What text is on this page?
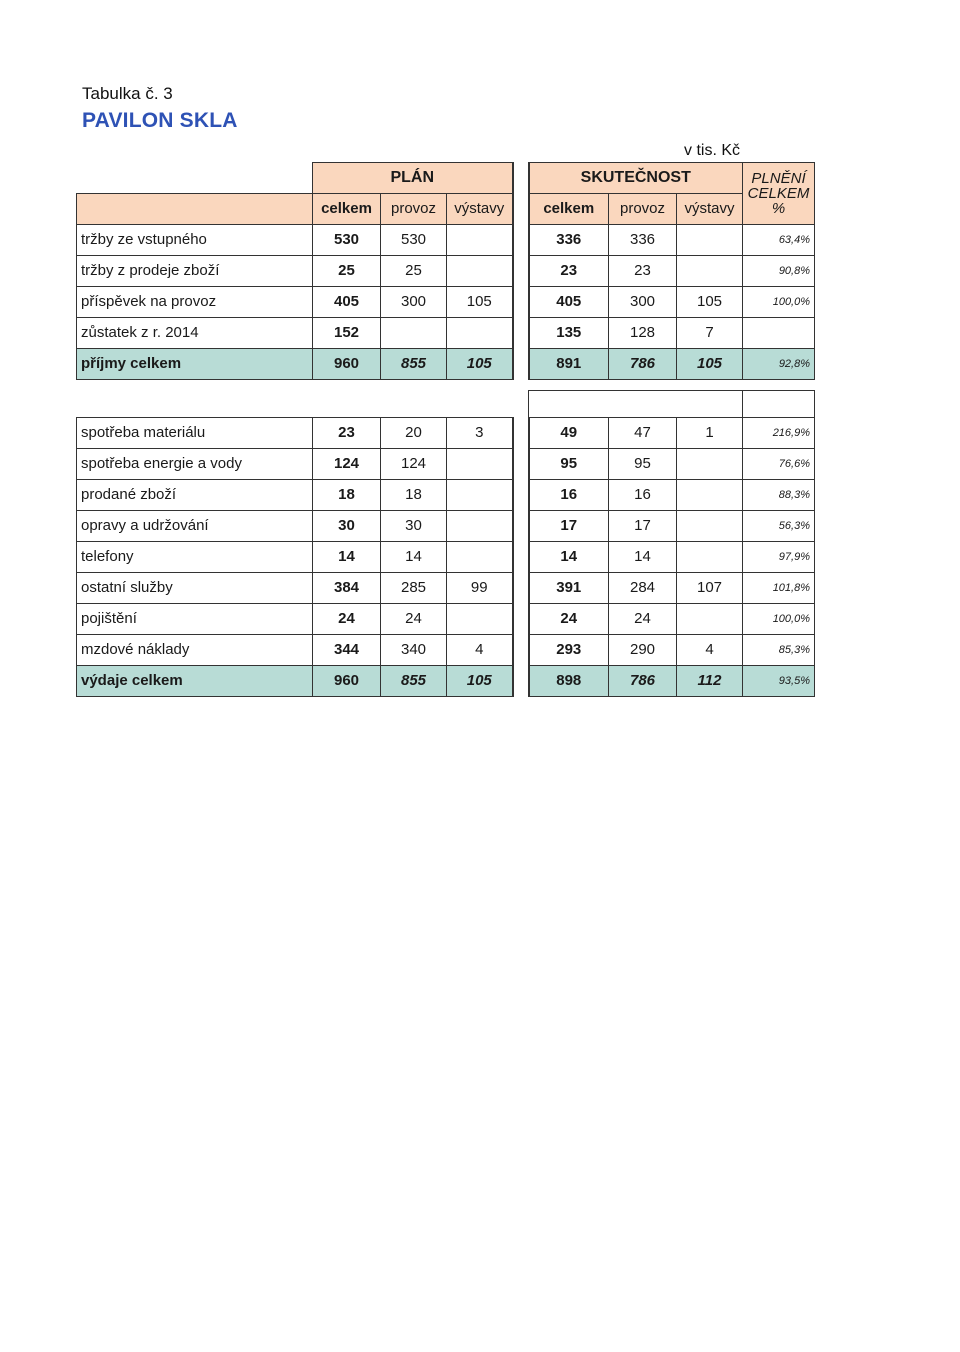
Tabulka č. 3
PAVILON SKLA
v tis. Kč
	PLÁN				SKUTEČNOST			PLNĚNÍ CELKEM %
	celkem	provoz	výstavy		celkem	provoz	výstavy	
tržby ze vstupného	530	530			336	336		63,4%
tržby z prodeje zboží	25	25			23	23		90,8%
příspěvek na provoz	405	300	105		405	300	105	100,0%
zůstatek z r. 2014	152				135	128	7	
příjmy celkem	960	855	105		891	786	105	92,8%

spotřeba materiálu	23	20	3		49	47	1	216,9%
spotřeba energie a vody	124	124			95	95		76,6%
prodané zboží	18	18			16	16		88,3%
opravy a udržování	30	30			17	17		56,3%
telefony	14	14			14	14		97,9%
ostatní služby	384	285	99		391	284	107	101,8%
pojištění	24	24			24	24		100,0%
mzdové náklady	344	340	4		293	290	4	85,3%
výdaje celkem	960	855	105		898	786	112	93,5%
